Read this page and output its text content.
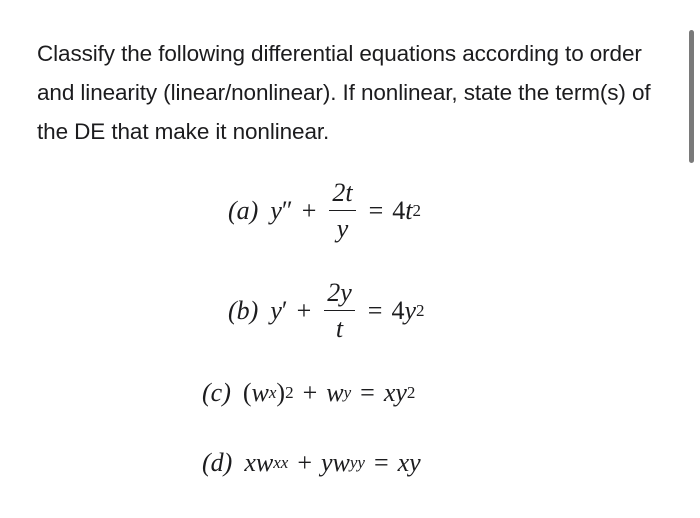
Classify the following differential equations according to order and linearity (linear/nonlinear). If nonlinear, state the term(s) of the DE that make it nonlinear.

(a) y ″ + $\frac{2t}{y} = 4$ t 2
(b) y ′ + $\frac{2y}{t} = 4$ y 2
(c) ( w x ) 2 + w y = x y 2
(d) x w xx + y w yy = xy
